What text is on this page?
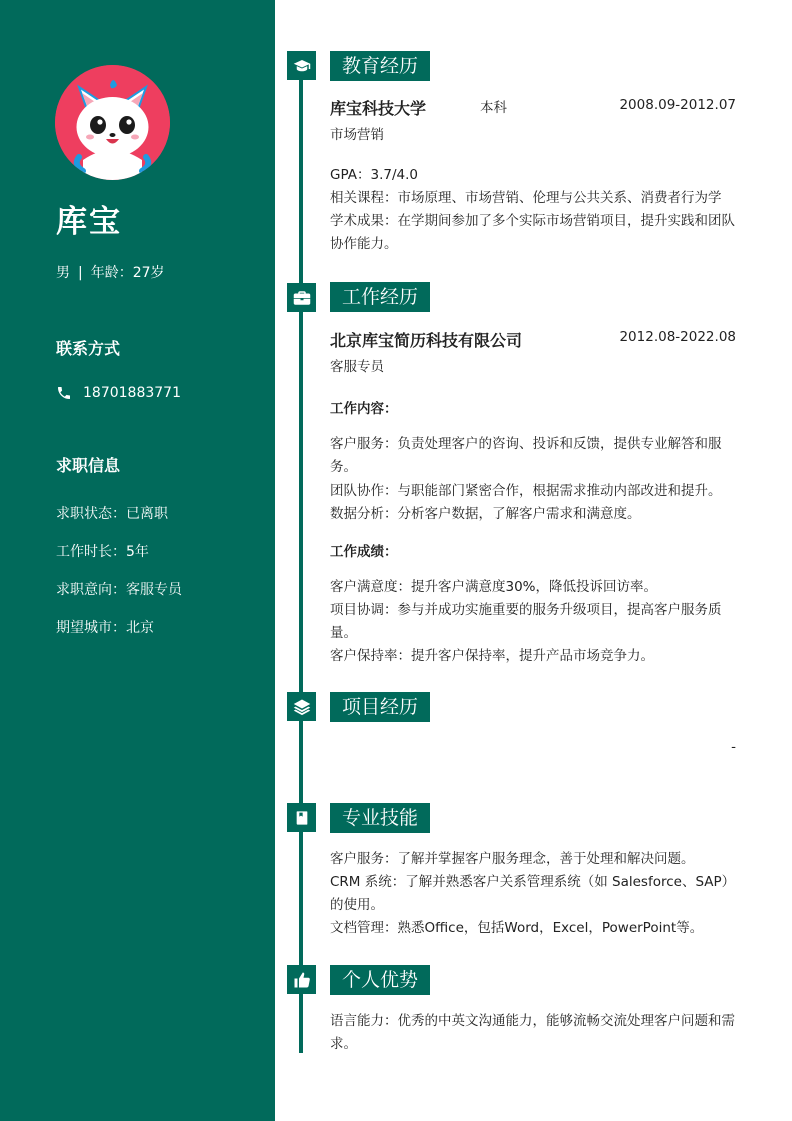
库宝
男 | 年龄：27岁
联系方式
18701883771
求职信息
求职状态：已离职
工作时长：5年
求职意向：客服专员
期望城市：北京
教育经历
库宝科技大学	本科	2008.09-2012.07
市场营销
GPA：3.7/4.0
相关课程：市场原理、市场营销、伦理与公共关系、消费者行为学
学术成果：在学期间参加了多个实际市场营销项目，提升实践和团队协作能力。
工作经历
北京库宝简历科技有限公司	2012.08-2022.08
客服专员
工作内容：
客户服务：负责处理客户的咨询、投诉和反馈，提供专业解答和服务。
团队协作：与职能部门紧密合作，根据需求推动内部改进和提升。
数据分析：分析客户数据，了解客户需求和满意度。
工作成绩：
客户满意度：提升客户满意度30%，降低投诉回访率。
项目协调：参与并成功实施重要的服务升级项目，提高客户服务质量。
客户保持率：提升客户保持率，提升产品市场竞争力。
项目经历
-
专业技能
客户服务：了解并掌握客户服务理念，善于处理和解决问题。
CRM 系统：了解并熟悉客户关系管理系统（如 Salesforce、SAP）的使用。
文档管理：熟悉Office，包括Word，Excel，PowerPoint等。
个人优势
语言能力：优秀的中英文沟通能力，能够流畅交流处理客户问题和需求。
